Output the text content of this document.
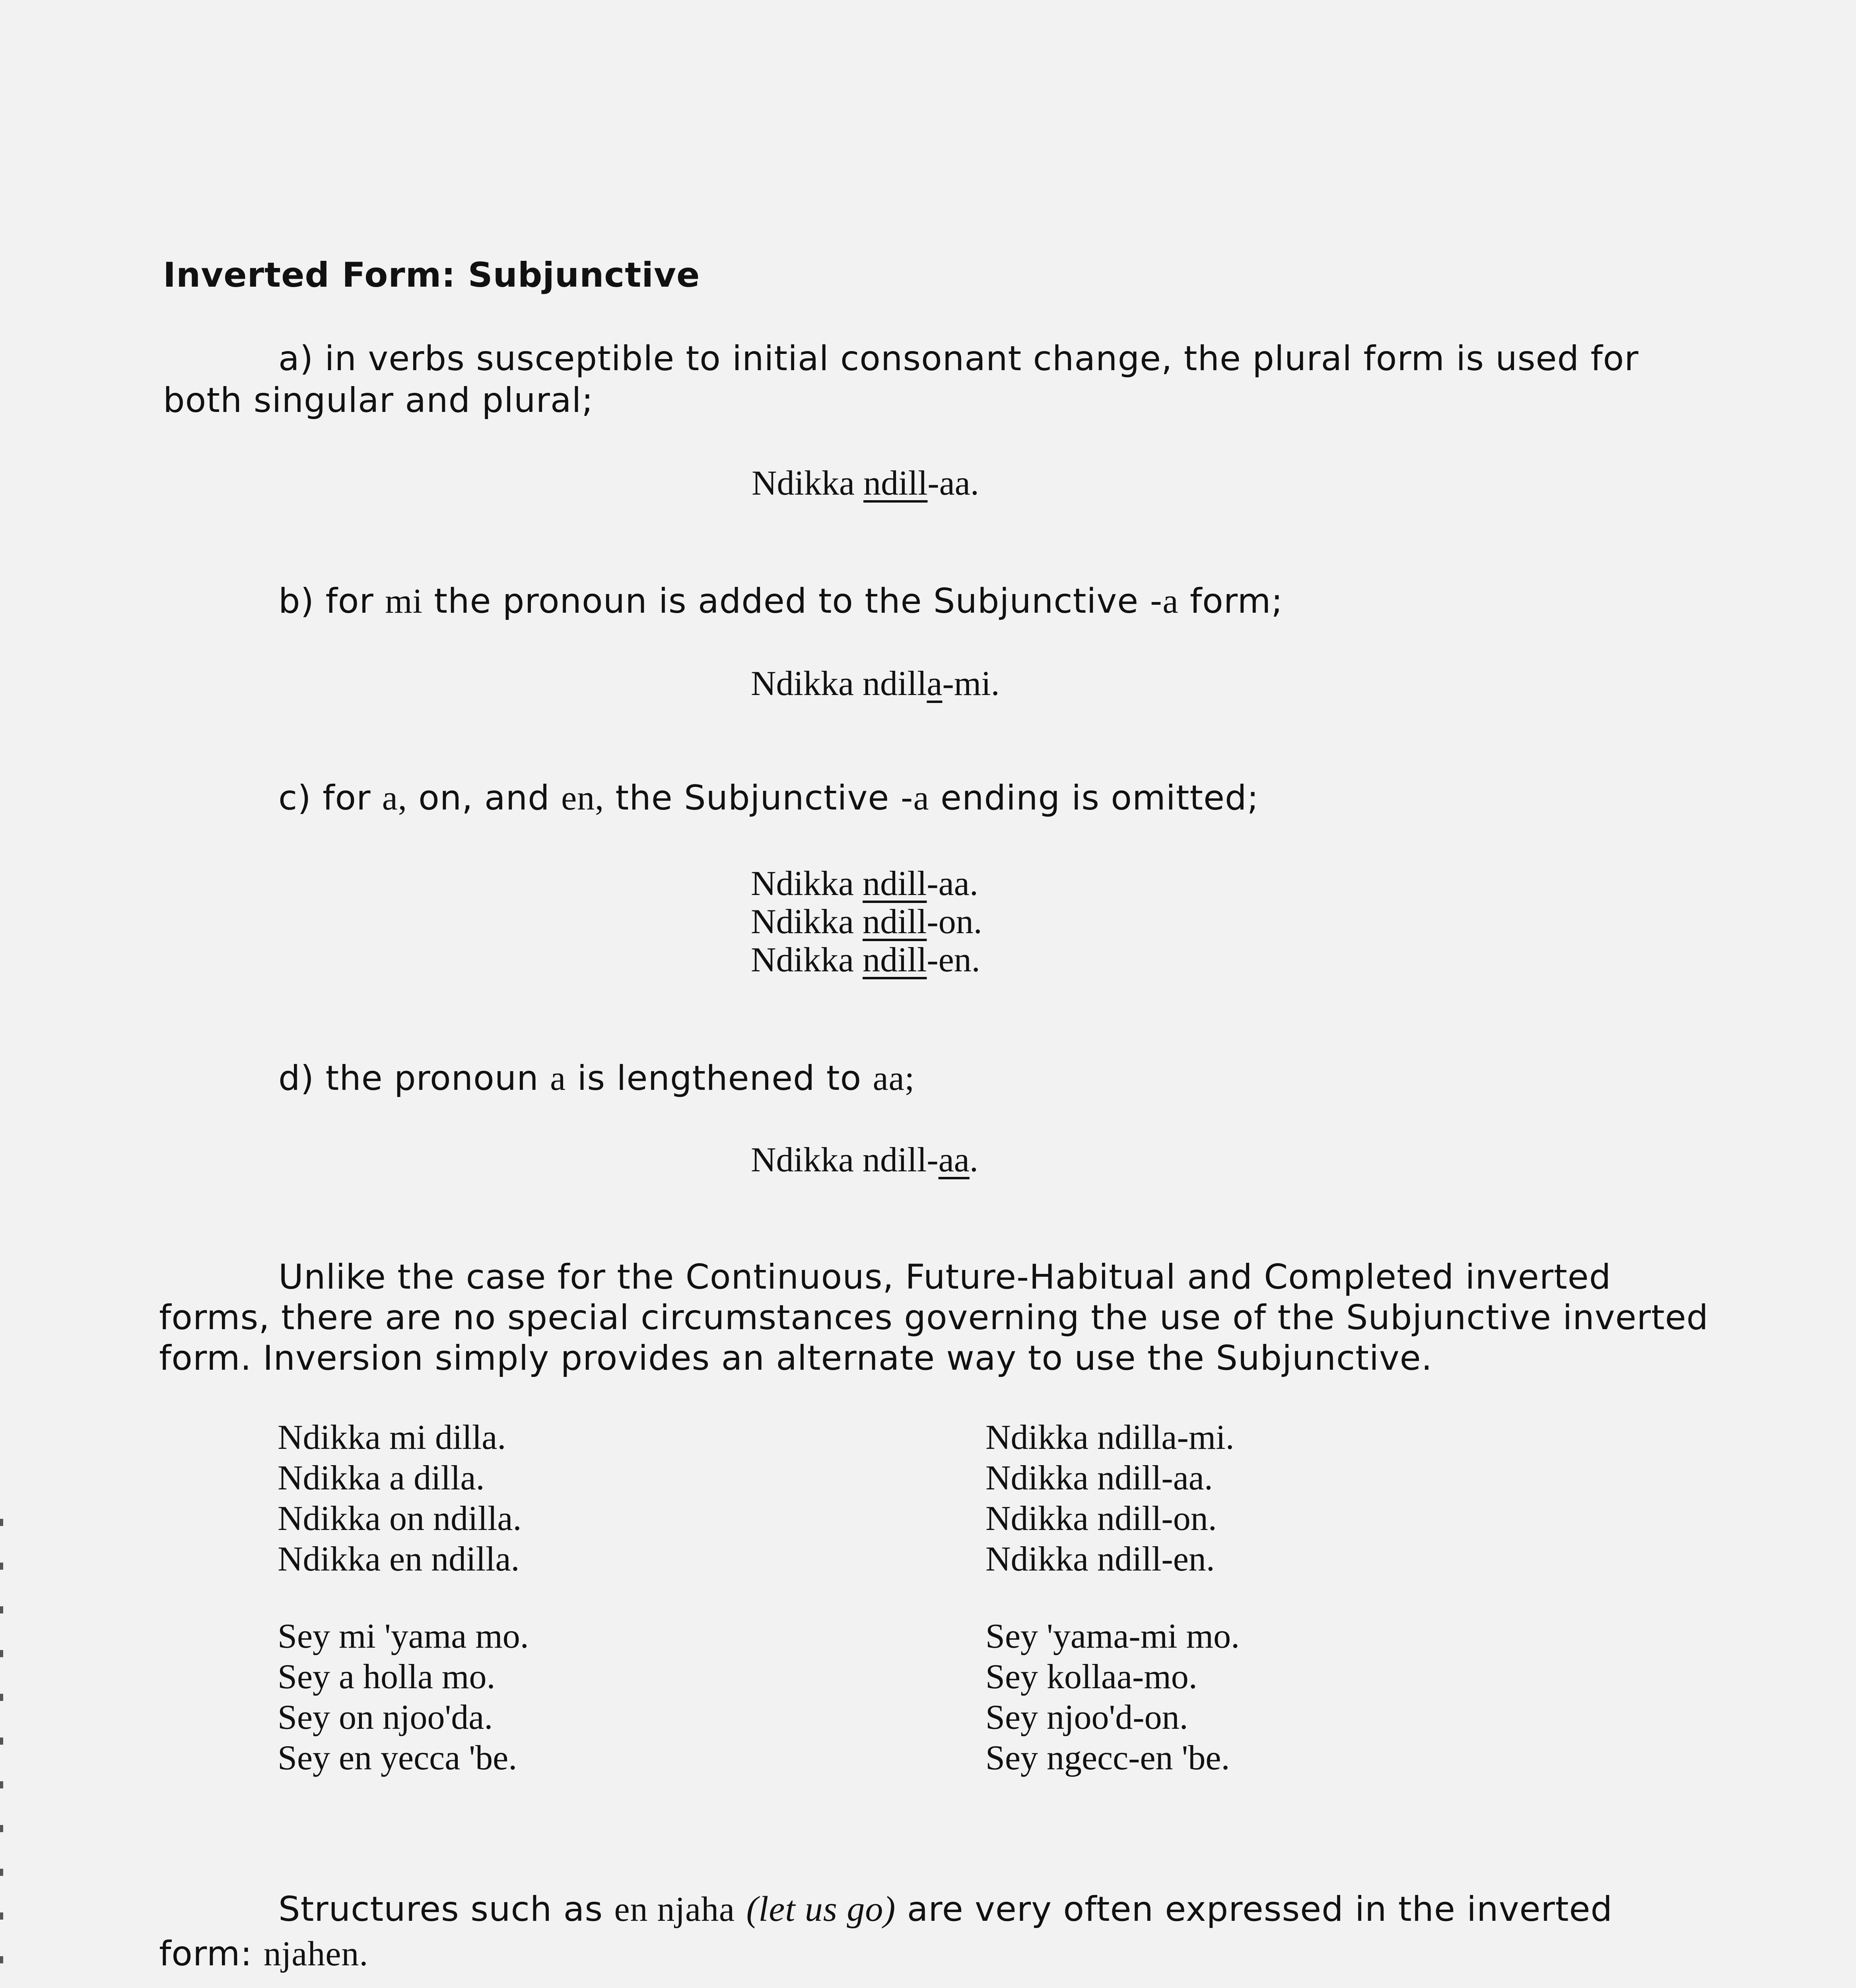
Inverted Form: Subjunctive
a) in verbs susceptible to initial consonant change, the plural form is used for
both singular and plural;
Ndikka ndill-aa.
b) for mi the pronoun is added to the Subjunctive -a form;
Ndikka ndilla-mi.
c) for a, on, and en, the Subjunctive -a ending is omitted;
Ndikka ndill-aa.
Ndikka ndill-on.
Ndikka ndill-en.
d) the pronoun a is lengthened to aa;
Ndikka ndill-aa.
Unlike the case for the Continuous, Future-Habitual and Completed inverted
forms, there are no special circumstances governing the use of the Subjunctive inverted
form. Inversion simply provides an alternate way to use the Subjunctive.
Ndikka mi dilla.
Ndikka a dilla.
Ndikka on ndilla.
Ndikka en ndilla.
Ndikka ndilla-mi.
Ndikka ndill-aa.
Ndikka ndill-on.
Ndikka ndill-en.
Sey mi 'yama mo.
Sey a holla mo.
Sey on njoo'da.
Sey en yecca 'be.
Sey 'yama-mi mo.
Sey kollaa-mo.
Sey njoo'd-on.
Sey ngecc-en 'be.
Structures such as en njaha (let us go) are very often expressed in the inverted
form: njahen.
